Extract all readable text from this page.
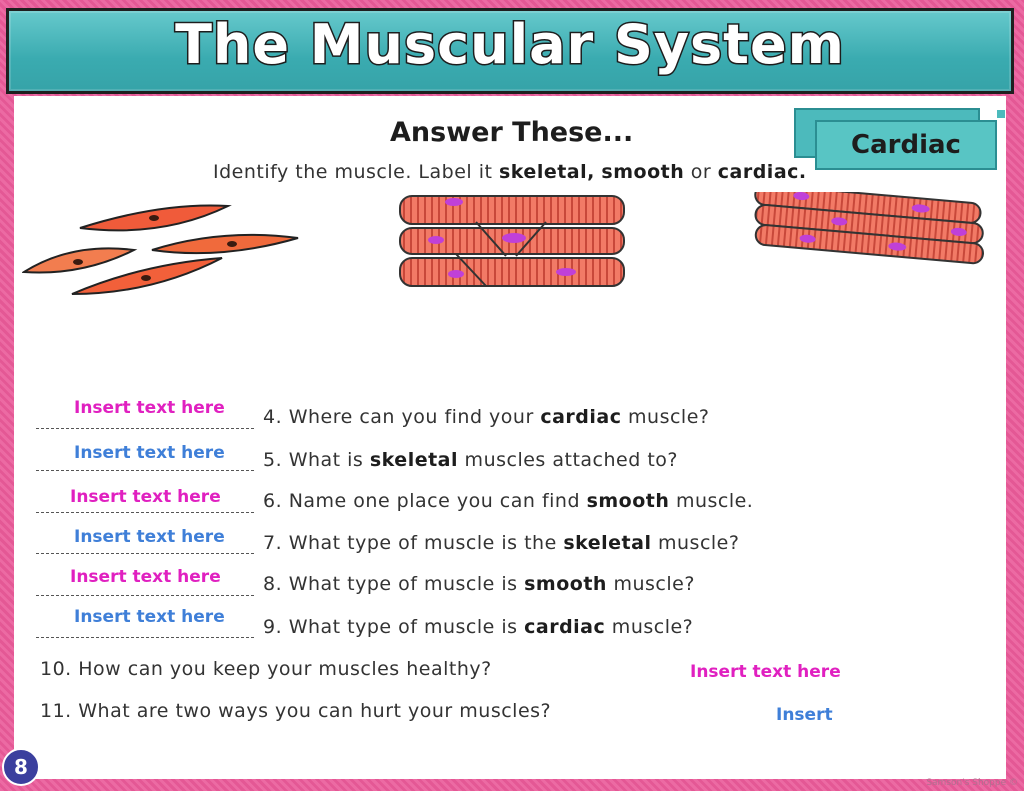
The Muscular System
Answer These...
Identify the muscle. Label it skeletal, smooth or cardiac.
Cardiac
Insert text here 4. Where can you find your cardiac muscle?
Insert text here 5. What is skeletal muscles attached to?
Insert text here 6. Name one place you can find smooth muscle.
Insert text here 7. What type of muscle is the skeletal muscle?
Insert text here 8. What type of muscle is smooth muscle?
Insert text here 9. What type of muscle is cardiac muscle?
10. How can you keep your muscles healthy?	Insert text here
11. What are two ways you can hurt your muscles?	Insert
8
Samson's Shoppe ©
